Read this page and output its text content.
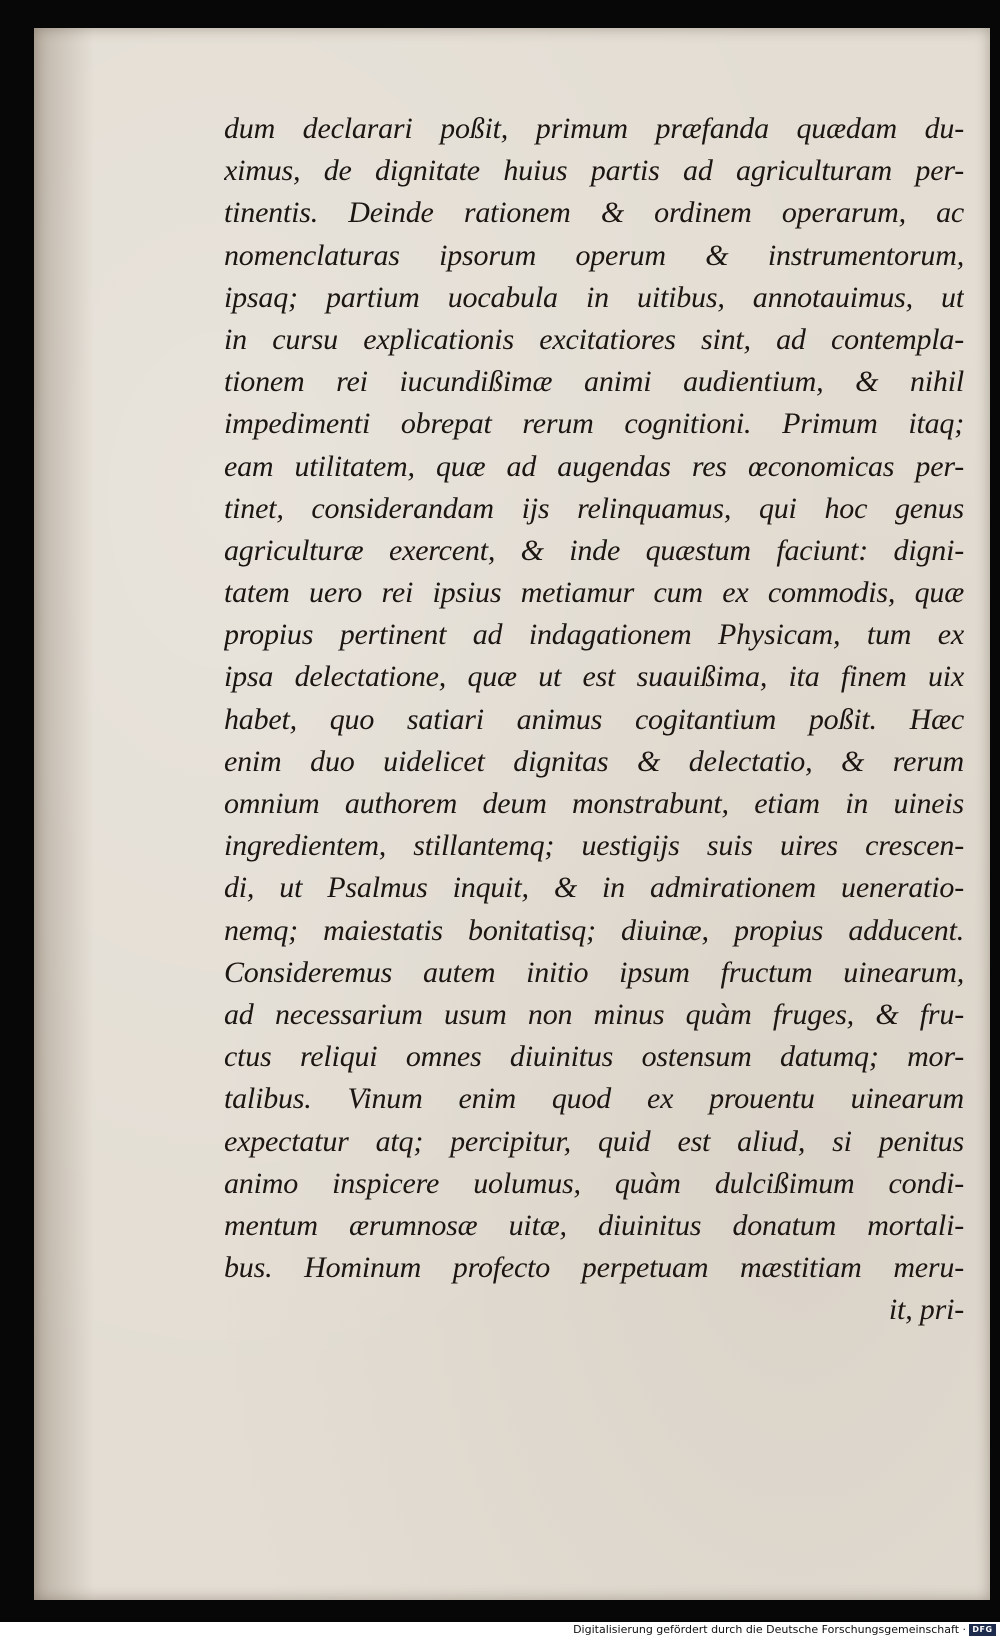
dum declarari poßit, primum præfanda quædam du-
ximus, de dignitate huius partis ad agriculturam per-
tinentis. Deinde rationem & ordinem operarum, ac
nomenclaturas ipsorum operum & instrumentorum,
ipsaq; partium uocabula in uitibus, annotauimus, ut
in cursu explicationis excitatiores sint, ad contempla-
tionem rei iucundißimæ animi audientium, & nihil
impedimenti obrepat rerum cognitioni. Primum itaq;
eam utilitatem, quæ ad augendas res œconomicas per-
tinet, considerandam ijs relinquamus, qui hoc genus
agriculturæ exercent, & inde quæstum faciunt: digni-
tatem uero rei ipsius metiamur cum ex commodis, quæ
propius pertinent ad indagationem Physicam, tum ex
ipsa delectatione, quæ ut est suauißima, ita finem uix
habet, quo satiari animus cogitantium poßit. Hæc
enim duo uidelicet dignitas & delectatio, & rerum
omnium authorem deum monstrabunt, etiam in uineis
ingredientem, stillantemq; uestigijs suis uires crescen-
di, ut Psalmus inquit, & in admirationem ueneratio-
nemq; maiestatis bonitatisq; diuinæ, propius adducent.
Consideremus autem initio ipsum fructum uinearum,
ad necessarium usum non minus quàm fruges, & fru-
ctus reliqui omnes diuinitus ostensum datumq; mor-
talibus. Vinum enim quod ex prouentu uinearum
expectatur atq; percipitur, quid est aliud, si penitus
animo inspicere uolumus, quàm dulcißimum condi-
mentum ærumnosæ uitæ, diuinitus donatum mortali-
bus. Hominum profecto perpetuam mæstitiam meru-
it, pri-
Digitalisierung gefördert durch die Deutsche Forschungsgemeinschaft · DFG
